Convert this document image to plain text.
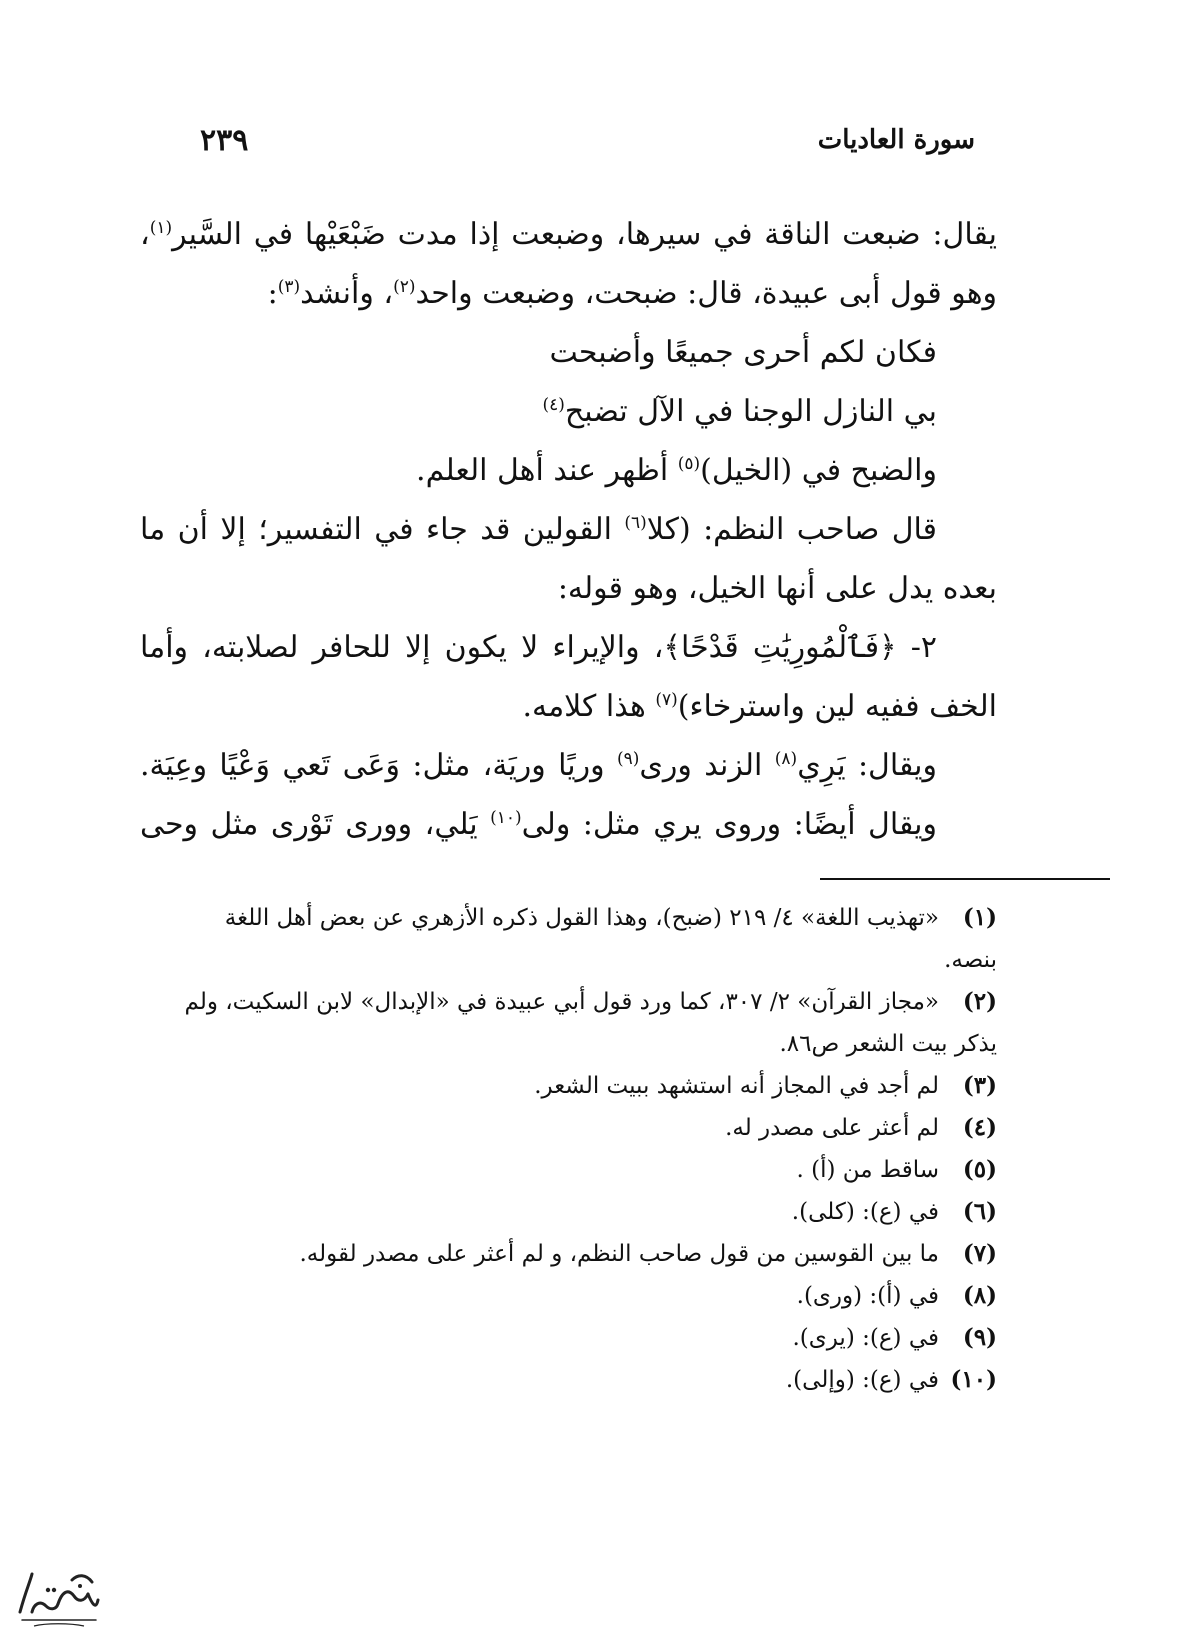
سورة العاديات
٢٣٩
يقال: ضبعت الناقة في سيرها، وضبعت إذا مدت ضَبْعَيْها في السَّير$^{(١)}$،
وهو قول أبى عبيدة، قال: ضبحت، وضبعت واحد$^{(٢)}$، وأنشد$^{(٣)}$:
فكان لكم أحرى جميعًا وأضبحت
بي النازل الوجنا في الآل تضبح$^{(٤)}$
والضبح في (الخيل)$^{(٥)}$ أظهر عند أهل العلم.
قال صاحب النظم: (كلا$^{(٦)}$ القولين قد جاء في التفسير؛ إلا أن ما
بعده يدل على أنها الخيل، وهو قوله:
٢- ﴿فَٱلْمُورِيَٰتِ قَدْحًا﴾، والإيراء لا يكون إلا للحافر لصلابته، وأما
الخف ففيه لين واسترخاء)$^{(٧)}$ هذا كلامه.
ويقال: يَرِي$^{(٨)}$ الزند ورى$^{(٩)}$ وريًا وريَة، مثل: وَعَى تَعي وَعْيًا وعِيَة.
ويقال أيضًا: وروى يري مثل: ولى$^{(١٠)}$ يَلي، وورى تَوْرى مثل وحى
(١)«تهذيب اللغة» ٤/ ٢١٩ (ضبح)، وهذا القول ذكره الأزهري عن بعض أهل اللغة
بنصه.
(٢)«مجاز القرآن» ٢/ ٣٠٧، كما ورد قول أبي عبيدة في «الإبدال» لابن السكيت، ولم
يذكر بيت الشعر ص٨٦.
(٣)لم أجد في المجاز أنه استشهد ببيت الشعر.
(٤)لم أعثر على مصدر له.
(٥)ساقط من (أ) .
(٦)في (ع): (كلى).
(٧)ما بين القوسين من قول صاحب النظم، و لم أعثر على مصدر لقوله.
(٨)في (أ): (ورى).
(٩)في (ع): (يرى).
(١٠)في (ع): (وإلى).
